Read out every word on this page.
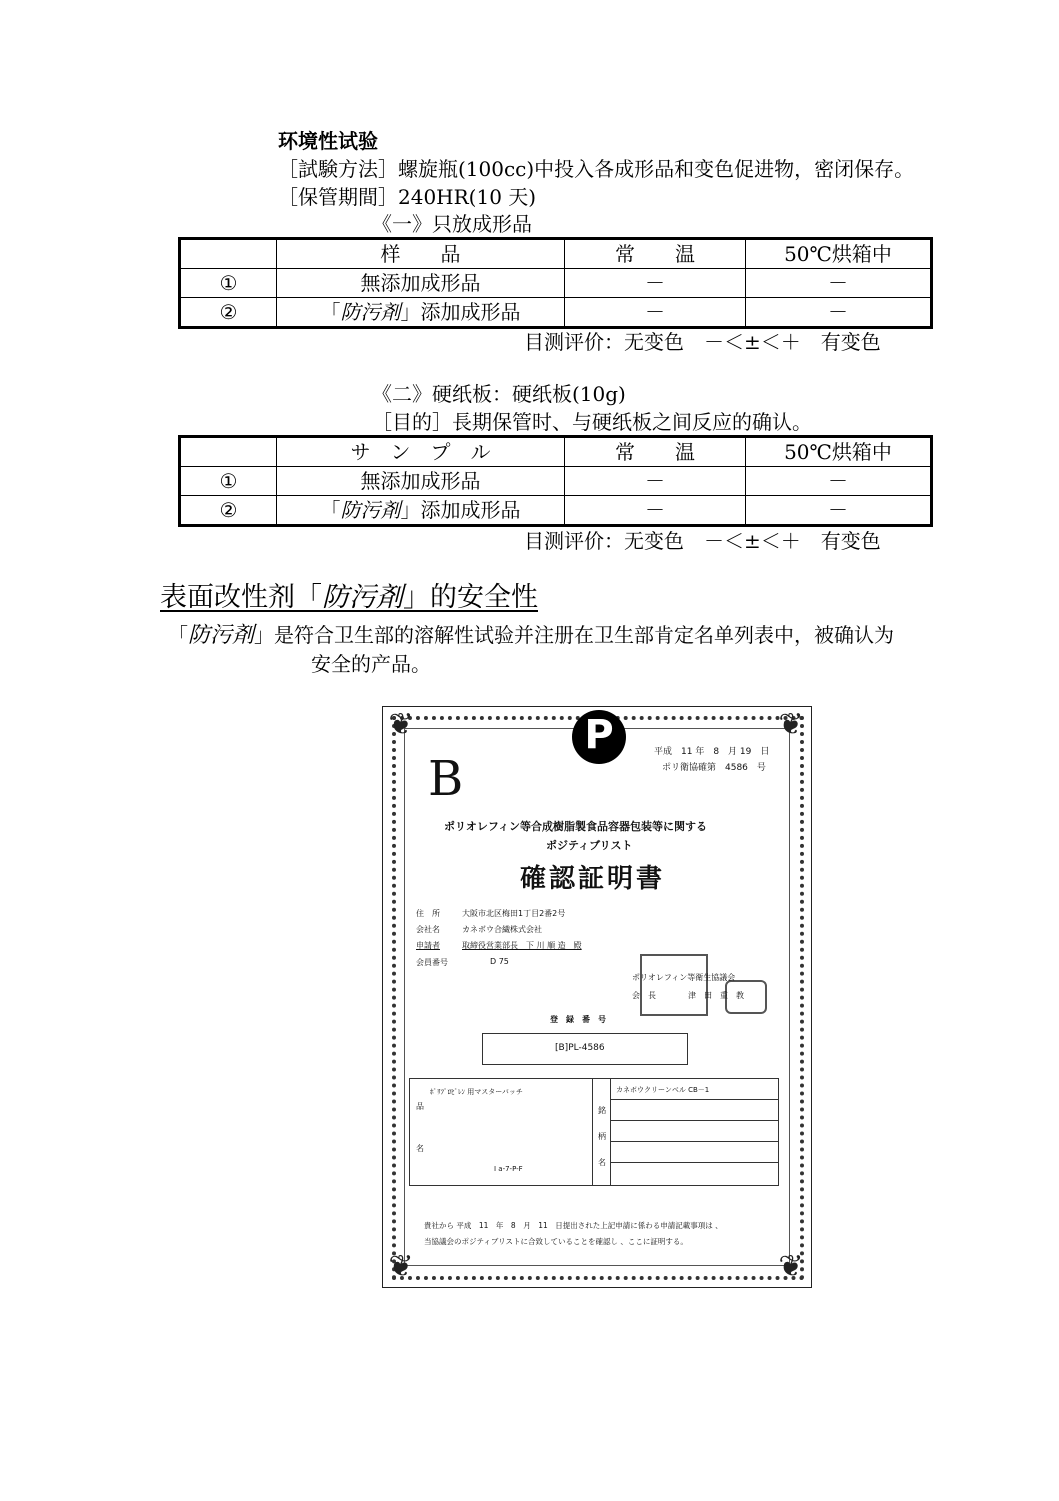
环境性试验
［試験方法］螺旋瓶(100cc)中投入各成形品和变色促进物，密闭保存。
［保管期間］240HR(10 天)
《一》只放成形品
	样　　品	常　　温	50℃烘箱中
①	無添加成形品	－	－
②	「防污剤」添加成形品	－	－
目测评价：无变色　－＜±＜＋　有变色
《二》硬纸板：硬纸板(10g)
［目的］長期保管时、与硬纸板之间反应的确认。
	サ　ン　プ　ル	常　　温	50℃烘箱中
①	無添加成形品	－	－
②	「防污剤」添加成形品	－	－
目测评价：无变色　－＜±＜＋　有变色
表面改性剂「防污剤」的安全性
「防污剤」是符合卫生部的溶解性试验并注册在卫生部肯定名单列表中，被确认为
安全的产品。
❦	❦
❦	❦
P	平成　11 年　8　月 19　日
ポリ衛協確第　4586　号
B
ポリオレフィン等合成樹脂製食品容器包装等に関する
ポジティブリスト
確認証明書
住　所	大阪市北区梅田1丁目2番2号
会社名	カネボウ合繊株式会社
申請者	取締役営業部長　下 川 順 造　殿
会員番号	D 75
ポリオレフィン等衛生協議会
会　長　　　　津　田　重　教
登　録　番　号
[B]PL-4586
品
名
ﾎﾟﾘﾌﾟﾛﾋﾟﾚﾝ 用マスターバッチ
I a-7-P-F
銘
柄
名
カネボウクリーンベル CB－1
貴社から 平成　11　年　8　月　11　日提出された上記申請に係わる申請記載事項は 、
当協議会のポジティブリストに合致していることを確認し 、ここに証明する。
